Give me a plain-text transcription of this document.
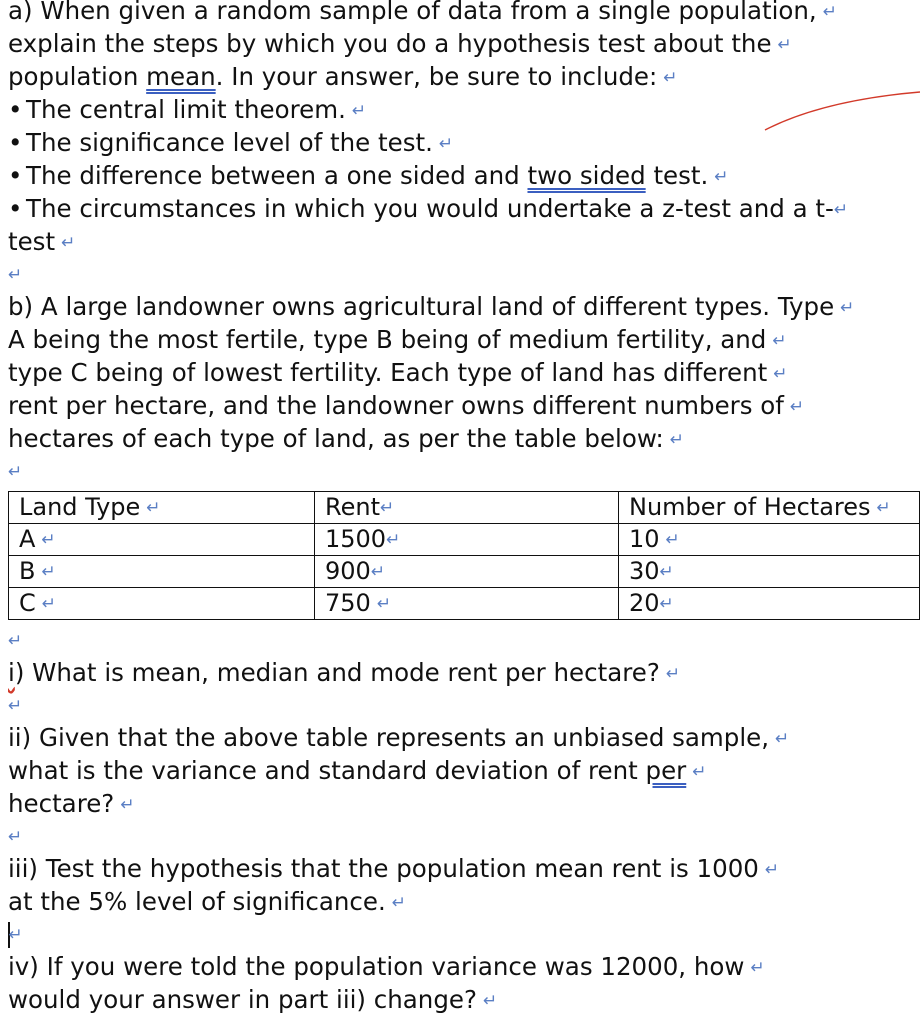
a) When given a random sample of data from a single population, ↵
explain the steps by which you do a hypothesis test about the ↵
population mean. In your answer, be sure to include: ↵
• The central limit theorem. ↵
• The significance level of the test. ↵
• The difference between a one sided and two sided test. ↵
• The circumstances in which you would undertake a z-test and a t-↵
test ↵
↵
b) A large landowner owns agricultural land of different types. Type ↵
A being the most fertile, type B being of medium fertility, and ↵
type C being of lowest fertility. Each type of land has different ↵
rent per hectare, and the landowner owns different numbers of ↵
hectares of each type of land, as per the table below: ↵
↵
Land Type ↵	Rent↵	Number of Hectares ↵
A ↵	1500↵	10 ↵
B ↵	900↵	30↵
C ↵	750 ↵	20↵
↵
i) What is mean, median and mode rent per hectare? ↵
↵
ii) Given that the above table represents an unbiased sample, ↵
what is the variance and standard deviation of rent per ↵
hectare? ↵
↵
iii) Test the hypothesis that the population mean rent is 1000 ↵
at the 5% level of significance. ↵
↵
iv) If you were told the population variance was 12000, how ↵
would your answer in part iii) change? ↵
